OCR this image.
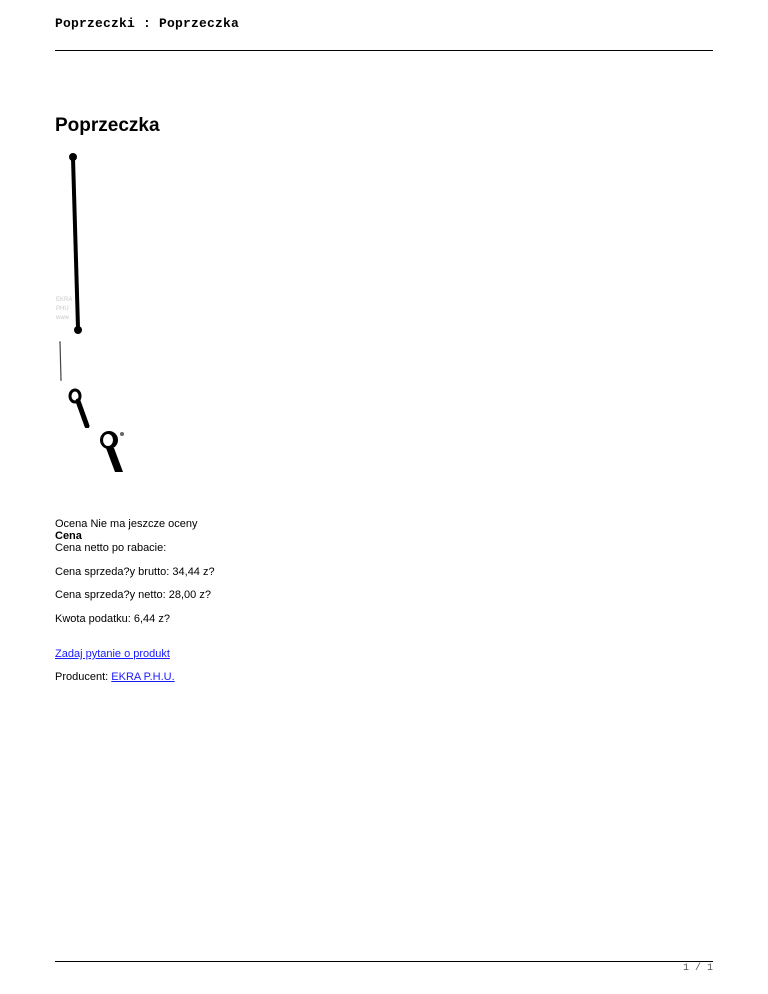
Poprzeczki : Poprzeczka
Poprzeczka
EKRA
PHU
www
Ocena Nie ma jeszcze oceny
Cena
Cena netto po rabacie:
Cena sprzeda?y brutto: 34,44 z?
Cena sprzeda?y netto: 28,00 z?
Kwota podatku: 6,44 z?
Zadaj pytanie o produkt
Producent: EKRA P.H.U.
1 / 1
